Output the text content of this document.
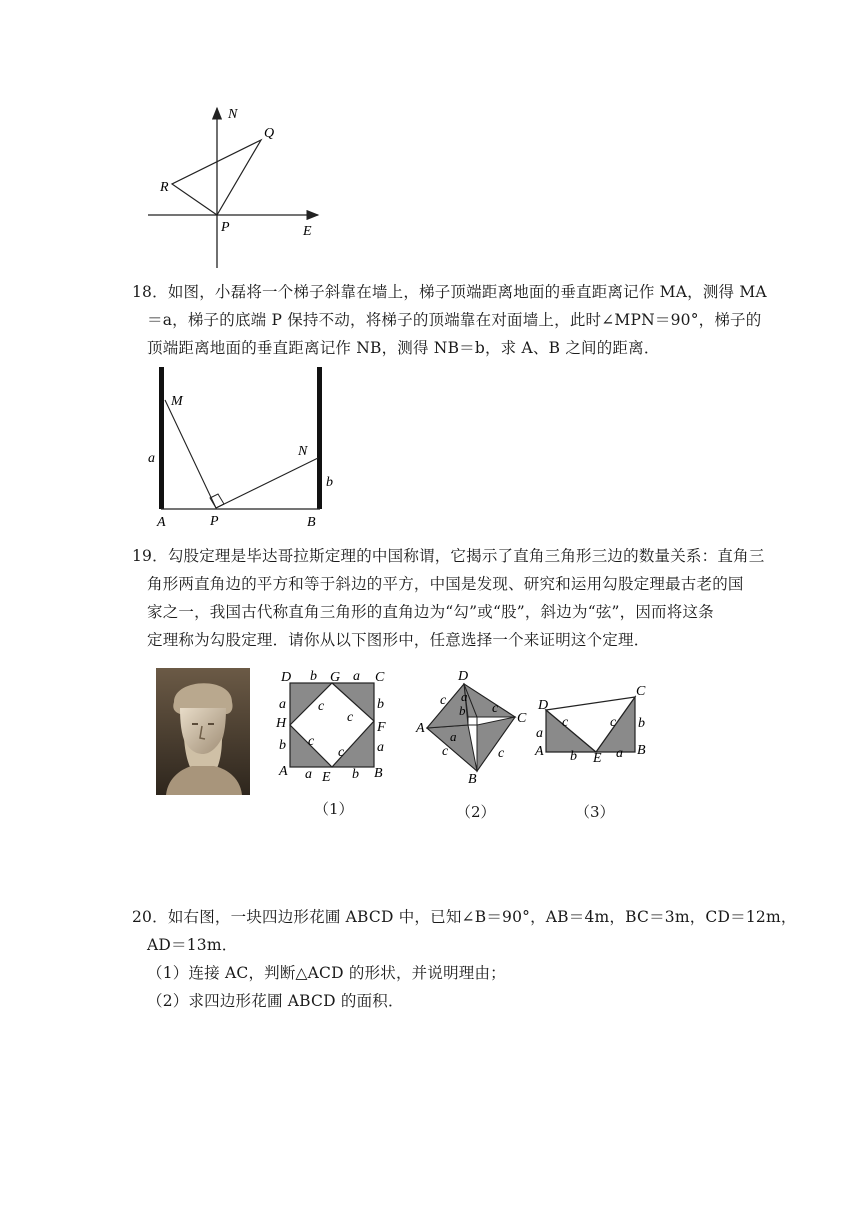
N
Q
R
P	E
18．如图，小磊将一个梯子斜靠在墙上，梯子顶端距离地面的垂直距离记作 MA，测得 MA
＝a，梯子的底端 P 保持不动，将梯子的顶端靠在对面墙上，此时∠MPN＝90°，梯子的
顶端距离地面的垂直距离记作 NB，测得 NB＝b，求 A、B 之间的距离．
M
N
a
b
A	P	B
19．勾股定理是毕达哥拉斯定理的中国称谓，它揭示了直角三角形三边的数量关系：直角三
角形两直角边的平方和等于斜边的平方，中国是发现、研究和运用勾股定理最古老的国
家之一，我国古代称直角三角形的直角边为“勾”或“股”，斜边为“弦”，因而将这条
定理称为勾股定理．请你从以下图形中，任意选择一个来证明这个定理．
D b G a C
a c	b
H	c
F
b c	a
c
A a E b B
D
c a
b c
C
A
a
c	c
B
D
C
c	c
a
b
A b E a B
（1）	（2）	（3）
20．如右图，一块四边形花圃 ABCD 中，已知∠B＝90°，AB＝4m，BC＝3m，CD＝12m，
AD＝13m．
（1）连接 AC，判断△ACD 的形状，并说明理由；
（2）求四边形花圃 ABCD 的面积．
